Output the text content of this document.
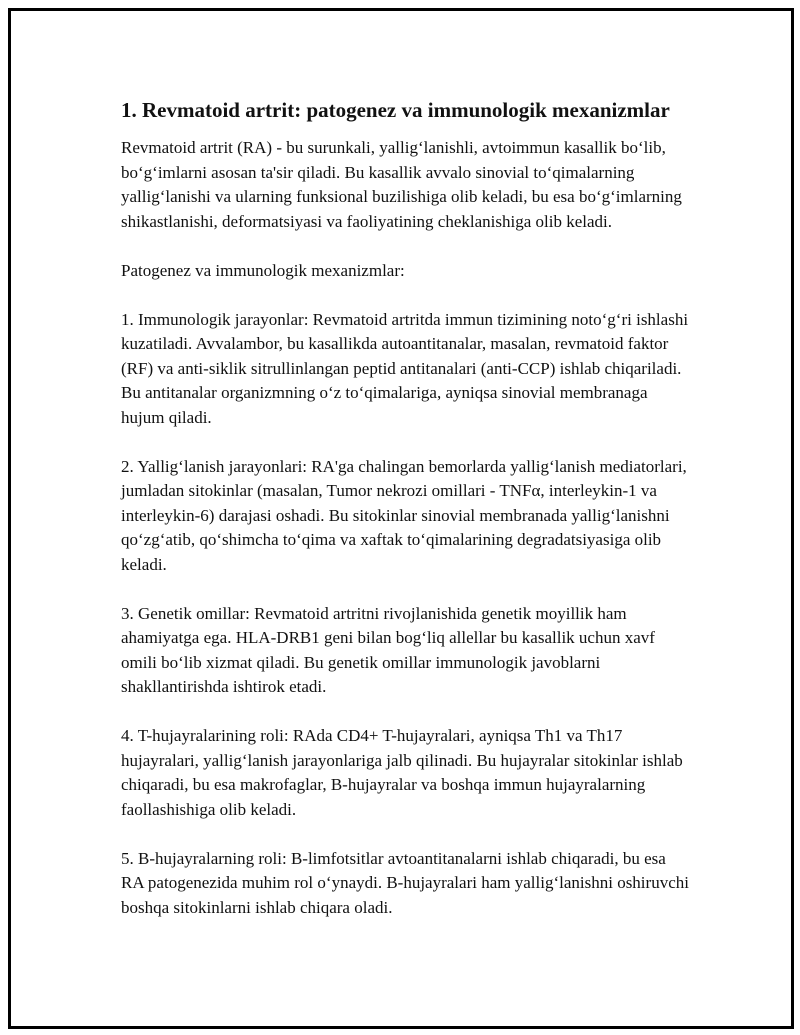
1. Revmatoid artrit: patogenez va immunologik mexanizmlar

Revmatoid artrit (RA) - bu surunkali, yallig‘lanishli, avtoimmun kasallik bo‘lib, bo‘g‘imlarni asosan ta'sir qiladi. Bu kasallik avvalo sinovial to‘qimalarning yallig‘lanishi va ularning funksional buzilishiga olib keladi, bu esa bo‘g‘imlarning shikastlanishi, deformatsiyasi va faoliyatining cheklanishiga olib keladi.

Patogenez va immunologik mexanizmlar:

1. Immunologik jarayonlar: Revmatoid artritda immun tizimining noto‘g‘ri ishlashi kuzatiladi. Avvalambor, bu kasallikda autoantitanalar, masalan, revmatoid faktor (RF) va anti-siklik sitrullinlangan peptid antitanalari (anti-CCP) ishlab chiqariladi. Bu antitanalar organizmning o‘z to‘qimalariga, ayniqsa sinovial membranaga hujum qiladi.

2. Yallig‘lanish jarayonlari: RA'ga chalingan bemorlarda yallig‘lanish mediatorlari, jumladan sitokinlar (masalan, Tumor nekrozi omillari - TNFα, interleykin-1 va interleykin-6) darajasi oshadi. Bu sitokinlar sinovial membranada yallig‘lanishni qo‘zg‘atib, qo‘shimcha to‘qima va xaftak to‘qimalarining degradatsiyasiga olib keladi.

3. Genetik omillar: Revmatoid artritni rivojlanishida genetik moyillik ham ahamiyatga ega. HLA-DRB1 geni bilan bog‘liq allellar bu kasallik uchun xavf omili bo‘lib xizmat qiladi. Bu genetik omillar immunologik javoblarni shakllantirishda ishtirok etadi.

4. T-hujayralarining roli: RAda CD4+ T-hujayralari, ayniqsa Th1 va Th17 hujayralari, yallig‘lanish jarayonlariga jalb qilinadi. Bu hujayralar sitokinlar ishlab chiqaradi, bu esa makrofaglar, B-hujayralar va boshqa immun hujayralarning faollashishiga olib keladi.

5. B-hujayralarning roli: B-limfotsitlar avtoantitanalarni ishlab chiqaradi, bu esa RA patogenezida muhim rol o‘ynaydi. B-hujayralari ham yallig‘lanishni oshiruvchi boshqa sitokinlarni ishlab chiqara oladi.
